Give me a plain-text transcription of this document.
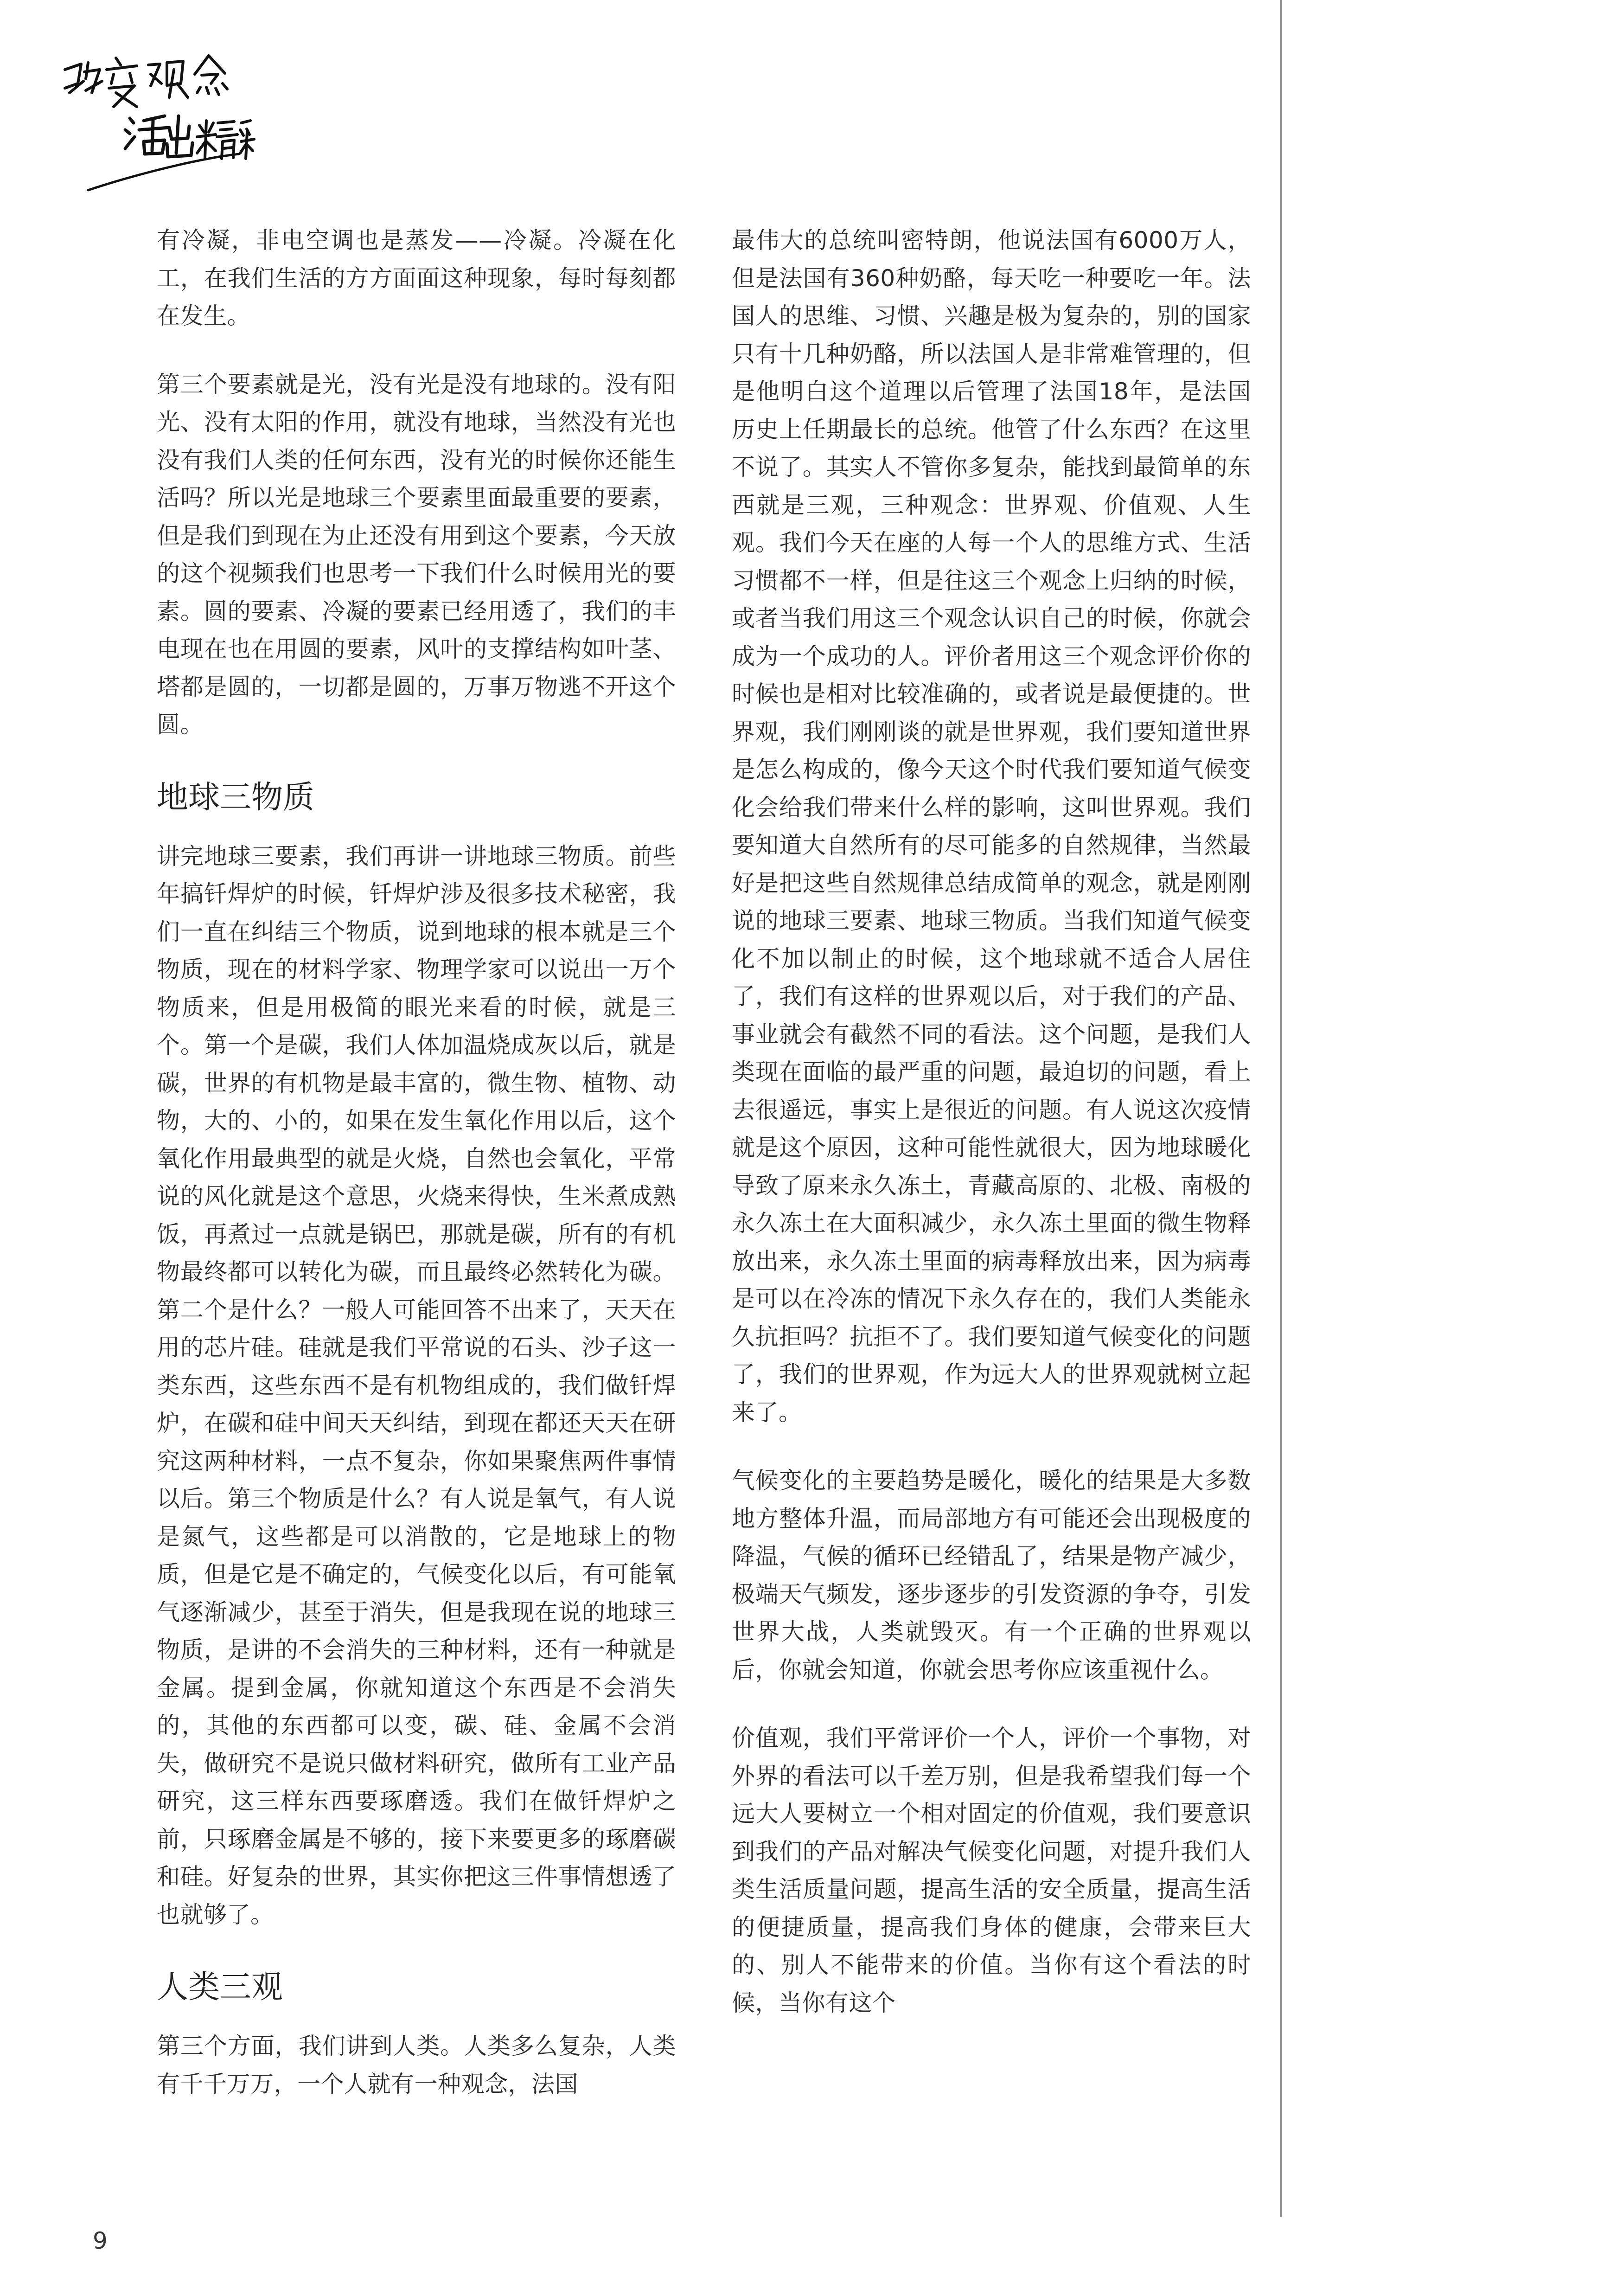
有冷凝，非电空调也是蒸发——冷凝。冷凝在化工，在我们生活的方方面面这种现象，每时每刻都在发生。

第三个要素就是光，没有光是没有地球的。没有阳光、没有太阳的作用，就没有地球，当然没有光也没有我们人类的任何东西，没有光的时候你还能生活吗？所以光是地球三个要素里面最重要的要素，但是我们到现在为止还没有用到这个要素，今天放的这个视频我们也思考一下我们什么时候用光的要素。圆的要素、冷凝的要素已经用透了，我们的丰电现在也在用圆的要素，风叶的支撑结构如叶茎、塔都是圆的，一切都是圆的，万事万物逃不开这个圆。

地球三物质

讲完地球三要素，我们再讲一讲地球三物质。前些年搞钎焊炉的时候，钎焊炉涉及很多技术秘密，我们一直在纠结三个物质，说到地球的根本就是三个物质，现在的材料学家、物理学家可以说出一万个物质来，但是用极简的眼光来看的时候，就是三个。第一个是碳，我们人体加温烧成灰以后，就是碳，世界的有机物是最丰富的，微生物、植物、动物，大的、小的，如果在发生氧化作用以后，这个氧化作用最典型的就是火烧，自然也会氧化，平常说的风化就是这个意思，火烧来得快，生米煮成熟饭，再煮过一点就是锅巴，那就是碳，所有的有机物最终都可以转化为碳，而且最终必然转化为碳。第二个是什么？一般人可能回答不出来了，天天在用的芯片硅。硅就是我们平常说的石头、沙子这一类东西，这些东西不是有机物组成的，我们做钎焊炉，在碳和硅中间天天纠结，到现在都还天天在研究这两种材料，一点不复杂，你如果聚焦两件事情以后。第三个物质是什么？有人说是氧气，有人说是氮气，这些都是可以消散的，它是地球上的物质，但是它是不确定的，气候变化以后，有可能氧气逐渐减少，甚至于消失，但是我现在说的地球三物质，是讲的不会消失的三种材料，还有一种就是金属。提到金属，你就知道这个东西是不会消失的，其他的东西都可以变，碳、硅、金属不会消失，做研究不是说只做材料研究，做所有工业产品研究，这三样东西要琢磨透。我们在做钎焊炉之前，只琢磨金属是不够的，接下来要更多的琢磨碳和硅。好复杂的世界，其实你把这三件事情想透了也就够了。

人类三观

第三个方面，我们讲到人类。人类多么复杂，人类有千千万万，一个人就有一种观念，法国

最伟大的总统叫密特朗，他说法国有6000万人，但是法国有360种奶酪，每天吃一种要吃一年。法国人的思维、习惯、兴趣是极为复杂的，别的国家只有十几种奶酪，所以法国人是非常难管理的，但是他明白这个道理以后管理了法国18年，是法国历史上任期最长的总统。他管了什么东西？在这里不说了。其实人不管你多复杂，能找到最简单的东西就是三观，三种观念：世界观、价值观、人生观。我们今天在座的人每一个人的思维方式、生活习惯都不一样，但是往这三个观念上归纳的时候，或者当我们用这三个观念认识自己的时候，你就会成为一个成功的人。评价者用这三个观念评价你的时候也是相对比较准确的，或者说是最便捷的。世界观，我们刚刚谈的就是世界观，我们要知道世界是怎么构成的，像今天这个时代我们要知道气候变化会给我们带来什么样的影响，这叫世界观。我们要知道大自然所有的尽可能多的自然规律，当然最好是把这些自然规律总结成简单的观念，就是刚刚说的地球三要素、地球三物质。当我们知道气候变化不加以制止的时候，这个地球就不适合人居住了，我们有这样的世界观以后，对于我们的产品、事业就会有截然不同的看法。这个问题，是我们人类现在面临的最严重的问题，最迫切的问题，看上去很遥远，事实上是很近的问题。有人说这次疫情就是这个原因，这种可能性就很大，因为地球暖化导致了原来永久冻土，青藏高原的、北极、南极的永久冻土在大面积减少，永久冻土里面的微生物释放出来，永久冻土里面的病毒释放出来，因为病毒是可以在冷冻的情况下永久存在的，我们人类能永久抗拒吗？抗拒不了。我们要知道气候变化的问题了，我们的世界观，作为远大人的世界观就树立起来了。

气候变化的主要趋势是暖化，暖化的结果是大多数地方整体升温，而局部地方有可能还会出现极度的降温，气候的循环已经错乱了，结果是物产减少，极端天气频发，逐步逐步的引发资源的争夺，引发世界大战，人类就毁灭。有一个正确的世界观以后，你就会知道，你就会思考你应该重视什么。

价值观，我们平常评价一个人，评价一个事物，对外界的看法可以千差万别，但是我希望我们每一个远大人要树立一个相对固定的价值观，我们要意识到我们的产品对解决气候变化问题，对提升我们人类生活质量问题，提高生活的安全质量，提高生活的便捷质量，提高我们身体的健康，会带来巨大的、别人不能带来的价值。当你有这个看法的时候，当你有这个

9
